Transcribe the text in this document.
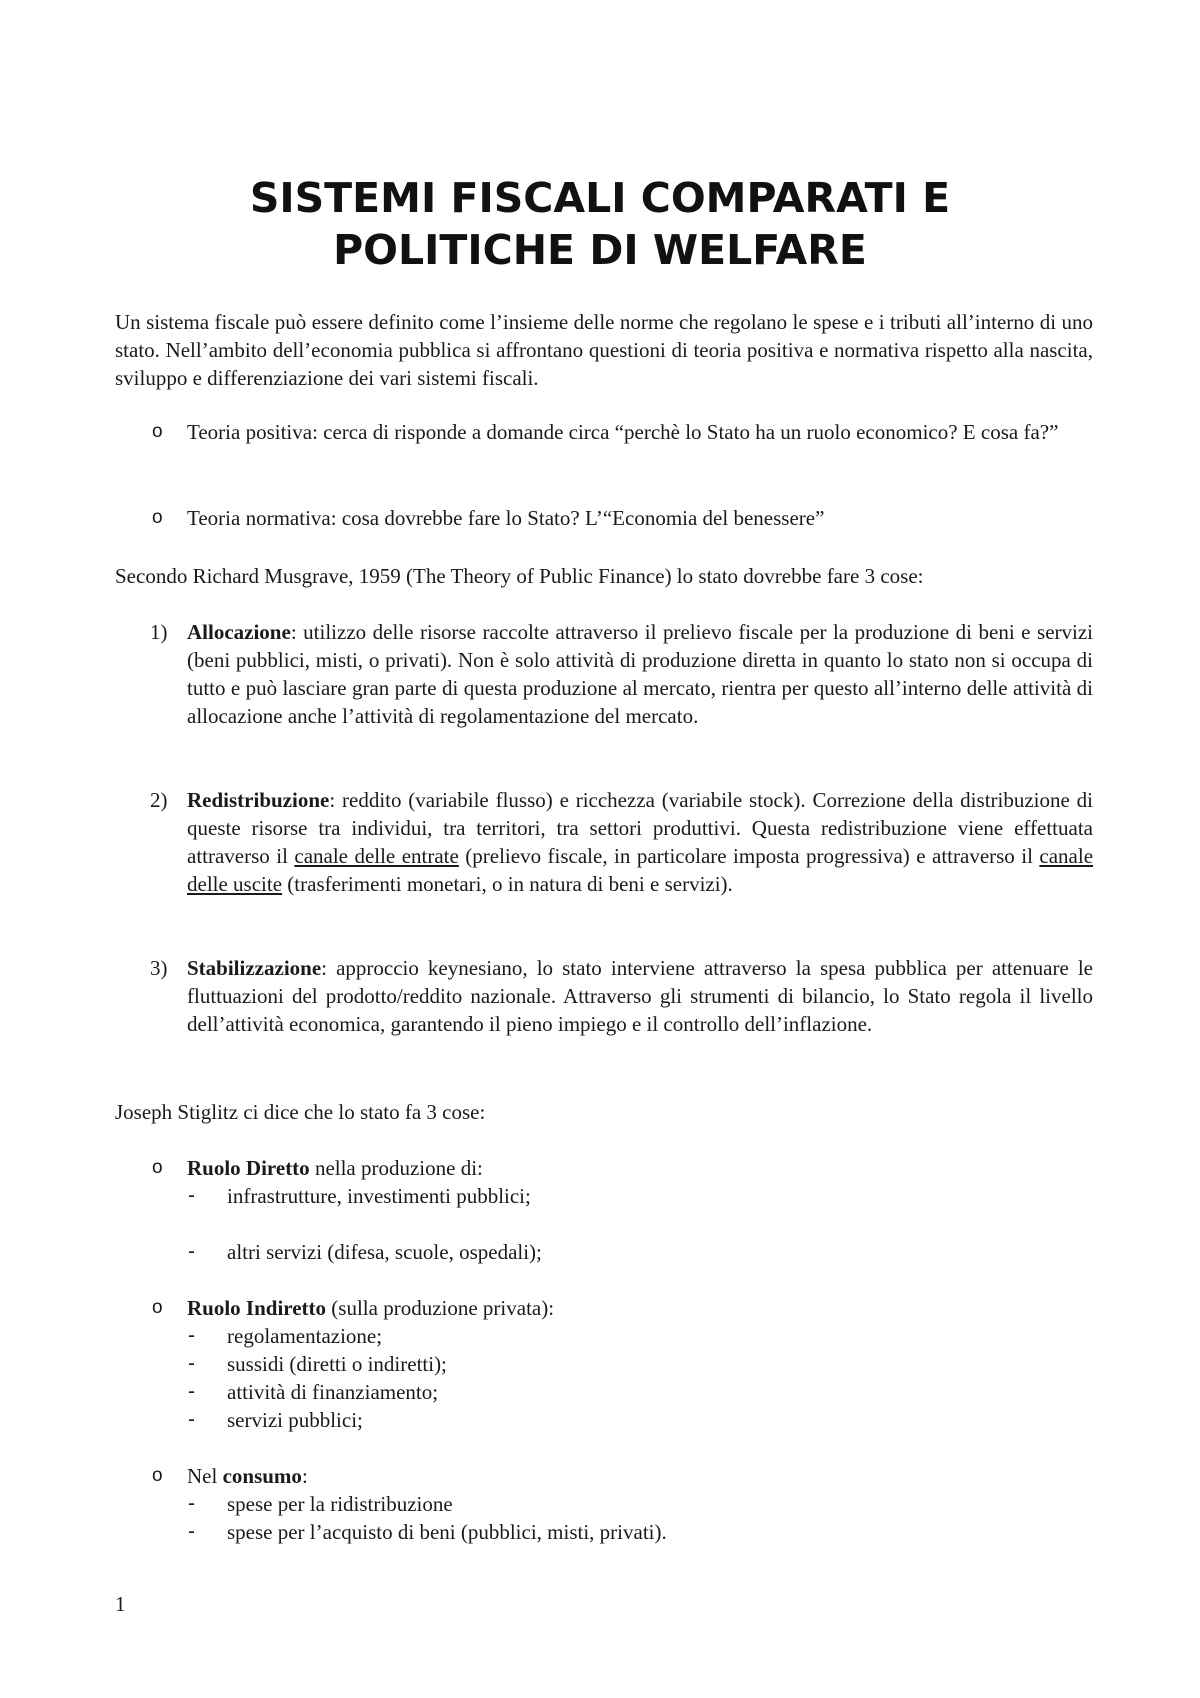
SISTEMI FISCALI COMPARATI E
POLITICHE DI WELFARE

Un sistema fiscale può essere definito come l’insieme delle norme che regolano le spese e i tributi all’interno di uno stato. Nell’ambito dell’economia pubblica si affrontano questioni di teoria positiva e normativa rispetto alla nascita, sviluppo e differenziazione dei vari sistemi fiscali.

o Teoria positiva: cerca di risponde a domande circa “perchè lo Stato ha un ruolo economico? E cosa fa?”
o Teoria normativa: cosa dovrebbe fare lo Stato? L’“Economia del benessere”

Secondo Richard Musgrave, 1959 (The Theory of Public Finance) lo stato dovrebbe fare 3 cose:

1) Allocazione: utilizzo delle risorse raccolte attraverso il prelievo fiscale per la produzione di beni e servizi (beni pubblici, misti, o privati). Non è solo attività di produzione diretta in quanto lo stato non si occupa di tutto e può lasciare gran parte di questa produzione al mercato, rientra per questo all’interno delle attività di allocazione anche l’attività di regolamentazione del mercato.
2) Redistribuzione: reddito (variabile flusso) e ricchezza (variabile stock). Correzione della distribuzione di queste risorse tra individui, tra territori, tra settori produttivi. Questa redistribuzione viene effettuata attraverso il canale delle entrate (prelievo fiscale, in particolare imposta progressiva) e attraverso il canale delle uscite (trasferimenti monetari, o in natura di beni e servizi).
3) Stabilizzazione: approccio keynesiano, lo stato interviene attraverso la spesa pubblica per attenuare le fluttuazioni del prodotto/reddito nazionale. Attraverso gli strumenti di bilancio, lo Stato regola il livello dell’attività economica, garantendo il pieno impiego e il controllo dell’inflazione.

Joseph Stiglitz ci dice che lo stato fa 3 cose:

o Ruolo Diretto nella produzione di:
- infrastrutture, investimenti pubblici;
- altri servizi (difesa, scuole, ospedali);
o Ruolo Indiretto (sulla produzione privata):
- regolamentazione;
- sussidi (diretti o indiretti);
- attività di finanziamento;
- servizi pubblici;
o Nel consumo:
- spese per la ridistribuzione
- spese per l’acquisto di beni (pubblici, misti, privati).
1
